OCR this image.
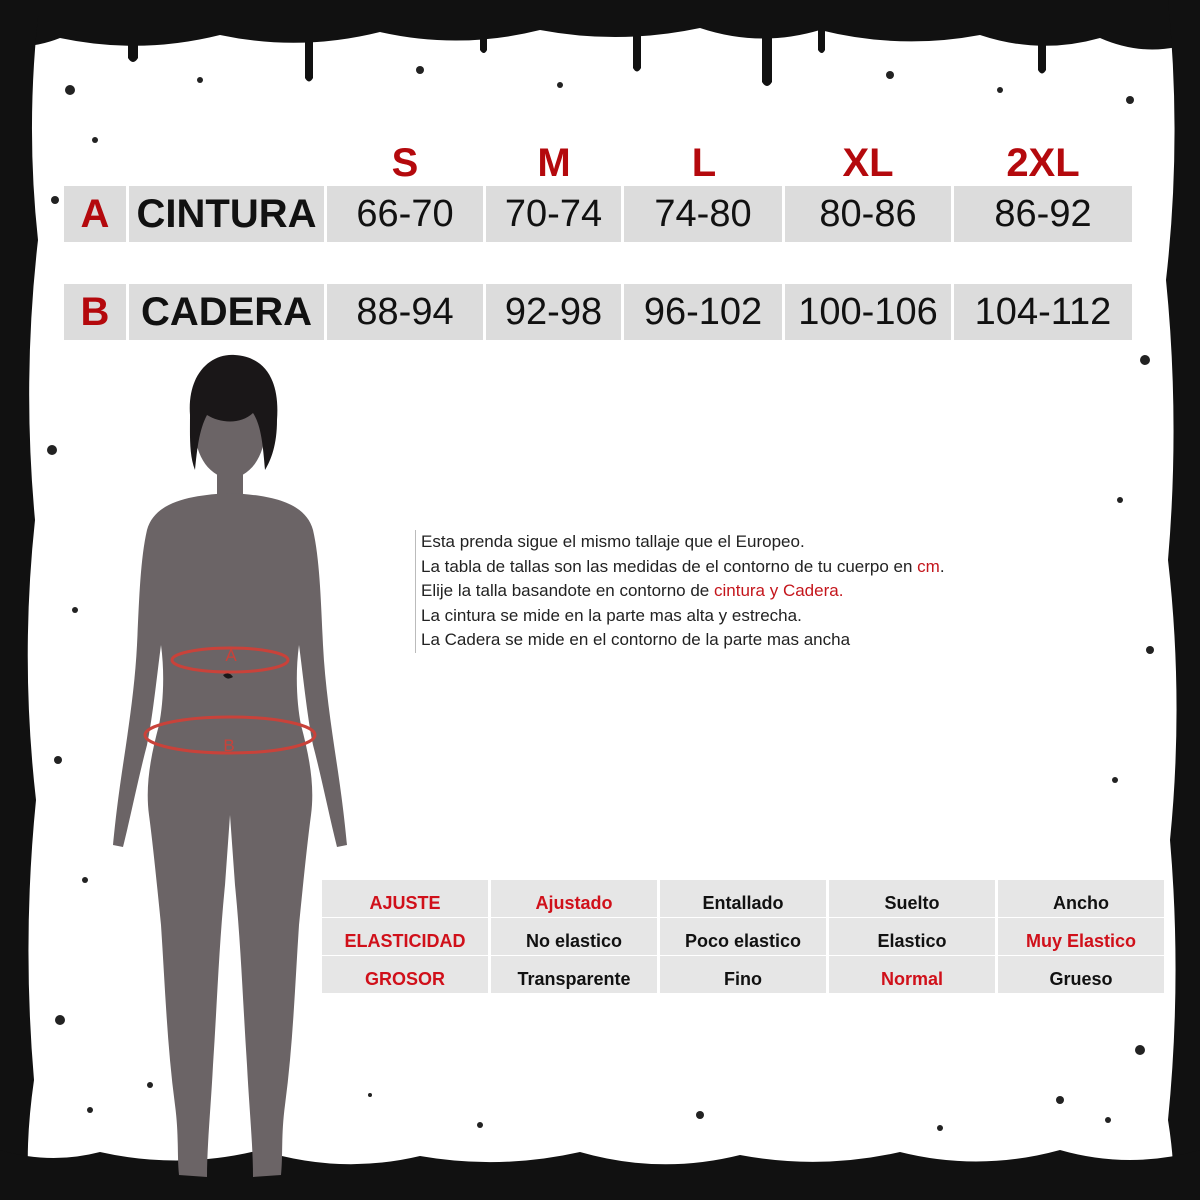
S	M	L	XL	2XL
A CINTURA	66-70	70-74	74-80	80-86	86-92
B CADERA	88-94	92-98	96-102 100-106 104-112
A
B
Esta prenda sigue el mismo tallaje que el Europeo.
La tabla de tallas son las medidas de el contorno de tu cuerpo en cm.
Elije la talla basandote en contorno de cintura y Cadera.
La cintura se mide en la parte mas alta y estrecha.
La Cadera se mide en el contorno de la parte mas ancha
AJUSTE	Ajustado	Entallado	Suelto	Ancho
ELASTICIDAD	No elastico	Poco elastico	Elastico	Muy Elastico
GROSOR	Transparente	Fino	Normal	Grueso
